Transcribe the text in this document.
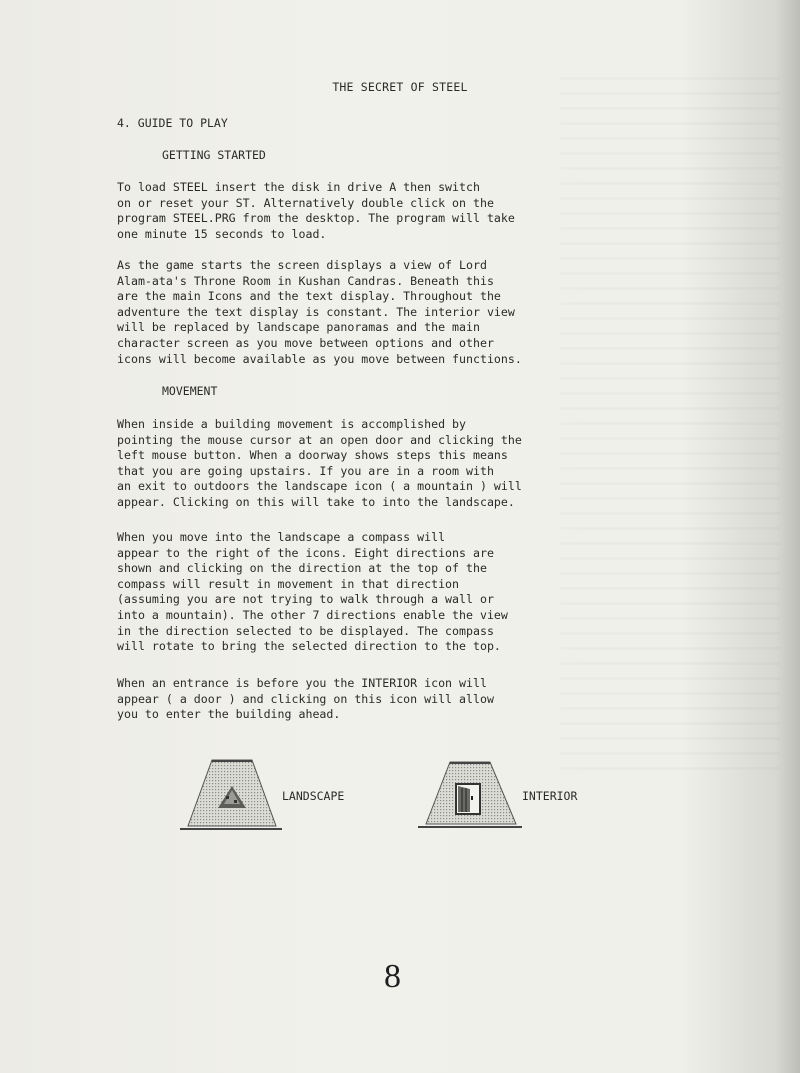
THE SECRET OF STEEL
4. GUIDE TO PLAY
GETTING STARTED

To load STEEL insert the disk in drive A then switch
on or reset your ST. Alternatively double click on the
program STEEL.PRG from the desktop. The program will take
one minute 15 seconds to load.

As the game starts the screen displays a view of Lord
Alam-ata's Throne Room in Kushan Candras. Beneath this
are the main Icons and the text display. Throughout the
adventure the text display is constant. The interior view
will be replaced by landscape panoramas and the main
character screen as you move between options and other
icons will become available as you move between functions.

MOVEMENT

When inside a building movement is accomplished by
pointing the mouse cursor at an open door and clicking the
left mouse button. When a doorway shows steps this means
that you are going upstairs. If you are in a room with
an exit to outdoors the landscape icon ( a mountain ) will
appear. Clicking on this will take to into the landscape.

When you move into the landscape a compass will
appear to the right of the icons. Eight directions are
shown and clicking on the direction at the top of the
compass will result in movement in that direction
(assuming you are not trying to walk through a wall or
into a mountain). The other 7 directions enable the view
in the direction selected to be displayed. The compass
will rotate to bring the selected direction to the top.

When an entrance is before you the INTERIOR icon will
appear ( a door ) and clicking on this icon will allow
you to enter the building ahead.

LANDSCAPE	INTERIOR
8
